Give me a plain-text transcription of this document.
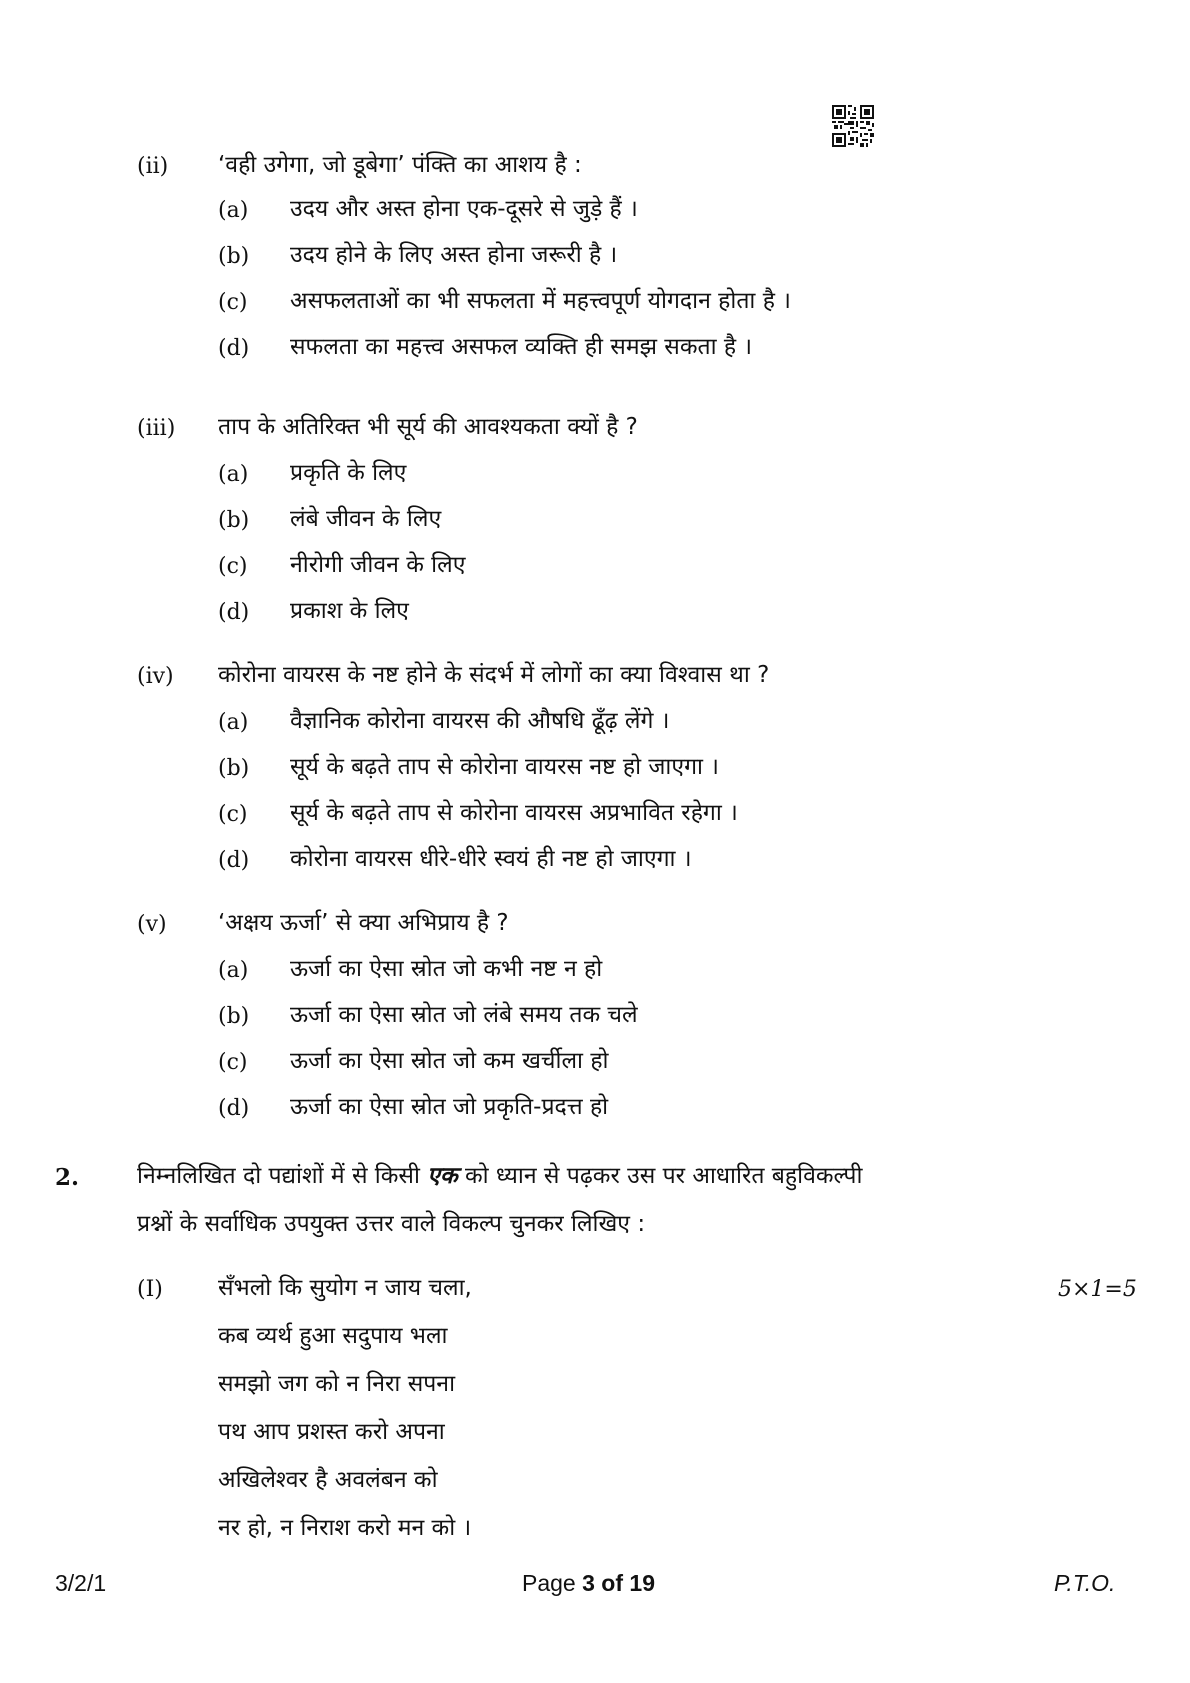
(ii) ‘वही उगेगा, जो डूबेगा’ पंक्ति का आशय है :
(a) उदय और अस्त होना एक-दूसरे से जुड़े हैं ।
(b) उदय होने के लिए अस्त होना जरूरी है ।
(c) असफलताओं का भी सफलता में महत्त्वपूर्ण योगदान होता है ।
(d) सफलता का महत्त्व असफल व्यक्ति ही समझ सकता है ।
(iii) ताप के अतिरिक्त भी सूर्य की आवश्यकता क्यों है ?
(a) प्रकृति के लिए
(b) लंबे जीवन के लिए
(c) नीरोगी जीवन के लिए
(d) प्रकाश के लिए
(iv) कोरोना वायरस के नष्ट होने के संदर्भ में लोगों का क्या विश्वास था ?
(a) वैज्ञानिक कोरोना वायरस की औषधि ढूँढ़ लेंगे ।
(b) सूर्य के बढ़ते ताप से कोरोना वायरस नष्ट हो जाएगा ।
(c) सूर्य के बढ़ते ताप से कोरोना वायरस अप्रभावित रहेगा ।
(d) कोरोना वायरस धीरे-धीरे स्वयं ही नष्ट हो जाएगा ।
(v) ‘अक्षय ऊर्जा’ से क्या अभिप्राय है ?
(a) ऊर्जा का ऐसा स्रोत जो कभी नष्ट न हो
(b) ऊर्जा का ऐसा स्रोत जो लंबे समय तक चले
(c) ऊर्जा का ऐसा स्रोत जो कम खर्चीला हो
(d) ऊर्जा का ऐसा स्रोत जो प्रकृति-प्रदत्त हो
2.	निम्नलिखित दो पद्यांशों में से किसी एक को ध्यान से पढ़कर उस पर आधारित बहुविकल्पी
प्रश्नों के सर्वाधिक उपयुक्त उत्तर वाले विकल्प चुनकर लिखिए :
(I)	5×1=5
सँभलो कि सुयोग न जाय चला,
कब व्यर्थ हुआ सदुपाय भला
समझो जग को न निरा सपना
पथ आप प्रशस्त करो अपना
अखिलेश्वर है अवलंबन को
नर हो, न निराश करो मन को ।
3/2/1	Page 3 of 19	P.T.O.
